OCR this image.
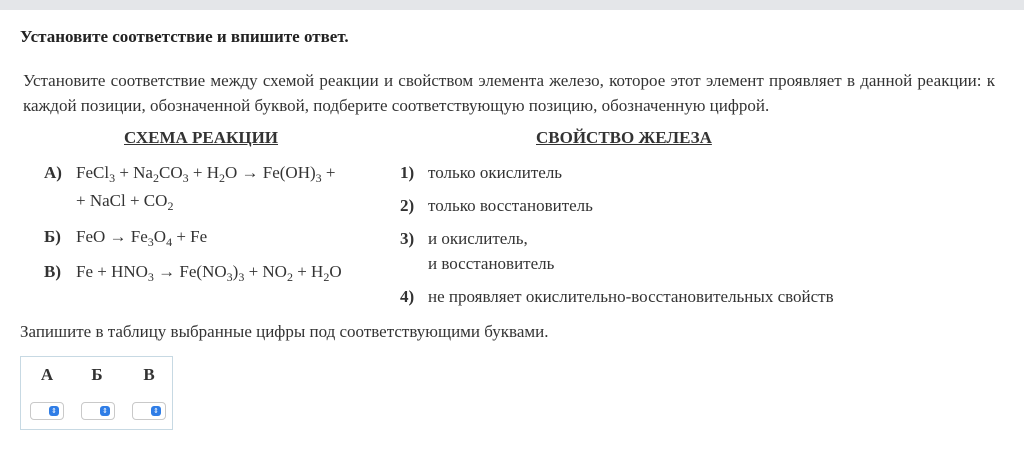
Установите соответствие и впишите ответ.
Установите соответствие между схемой реакции и свойством элемента железо, которое этот элемент проявляет в данной реакции: к каждой позиции, обозначенной буквой, подберите соответствующую позицию, обозначенную цифрой.
СХЕМА РЕАКЦИИ	СВОЙСТВО ЖЕЛЕЗА
А) FeCl$_3$ + $Na_2CO_3 + H_2O \to Fe(OH)_3$ +
+ NaCl + $CO_2$
Б) FeO → $Fe_3O_4 + Fe$
В) $Fe + HNO_3 \to Fe(NO_3)_3 + NO_2 + H_2O$
1) только окислитель
2) только восстановитель
3) и окислитель,
и восстановитель
4) не проявляет окислительно-восстановительных свойств
Запишите в таблицу выбранные цифры под соответствующими буквами.
А	Б	В
⇕	⇕	⇕
